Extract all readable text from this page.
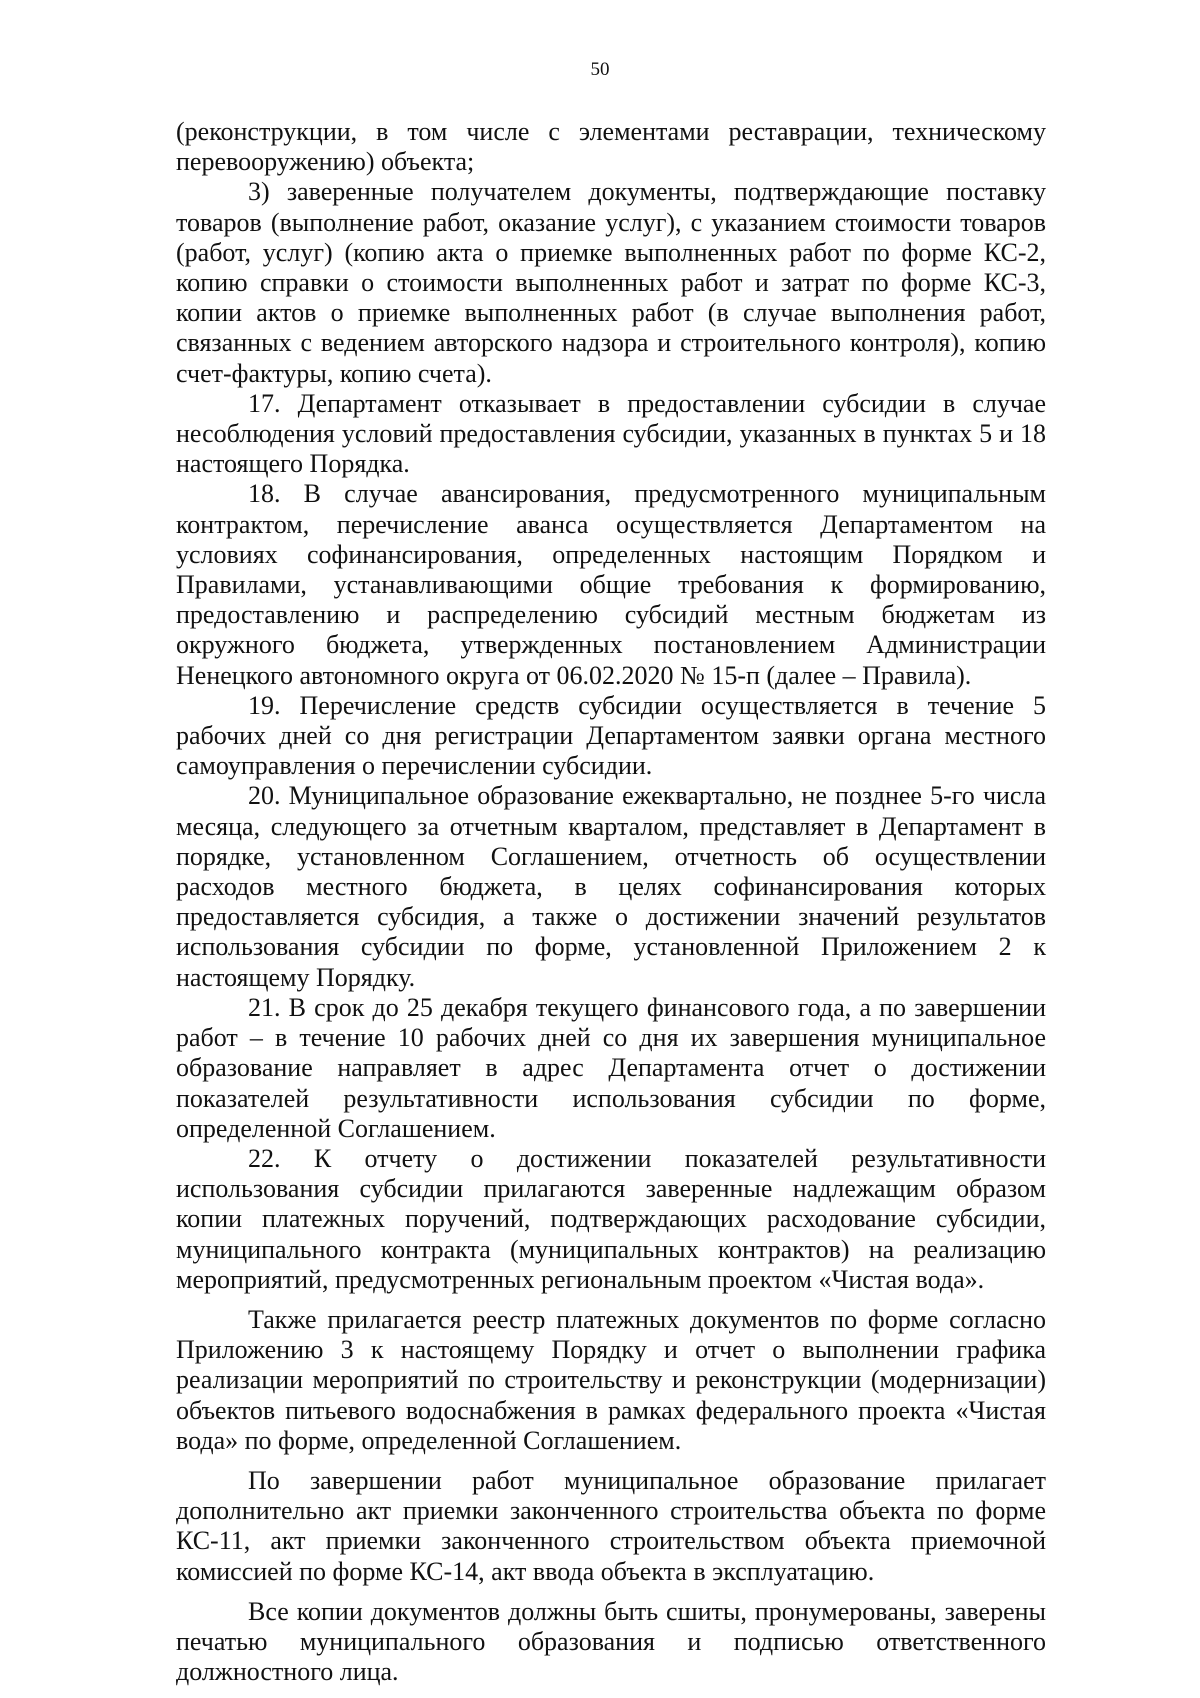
50

(реконструкции, в том числе с элементами реставрации, техническому перевооружению) объекта;

3) заверенные получателем документы, подтверждающие поставку товаров (выполнение работ, оказание услуг), с указанием стоимости товаров (работ, услуг) (копию акта о приемке выполненных работ по форме КС-2, копию справки о стоимости выполненных работ и затрат по форме КС-3, копии актов о приемке выполненных работ (в случае выполнения работ, связанных с ведением авторского надзора и строительного контроля), копию счет-фактуры, копию счета).

17. Департамент отказывает в предоставлении субсидии в случае несоблюдения условий предоставления субсидии, указанных в пунктах 5 и 18 настоящего Порядка.

18. В случае авансирования, предусмотренного муниципальным контрактом, перечисление аванса осуществляется Департаментом на условиях софинансирования, определенных настоящим Порядком и Правилами, устанавливающими общие требования к формированию, предоставлению и распределению субсидий местным бюджетам из окружного бюджета, утвержденных постановлением Администрации Ненецкого автономного округа от 06.02.2020 № 15-п (далее – Правила).

19. Перечисление средств субсидии осуществляется в течение 5 рабочих дней со дня регистрации Департаментом заявки органа местного самоуправления о перечислении субсидии.

20. Муниципальное образование ежеквартально, не позднее 5-го числа месяца, следующего за отчетным кварталом, представляет в Департамент в порядке, установленном Соглашением, отчетность об осуществлении расходов местного бюджета, в целях софинансирования которых предоставляется субсидия, а также о достижении значений результатов использования субсидии по форме, установленной Приложением 2 к настоящему Порядку.

21. В срок до 25 декабря текущего финансового года, а по завершении работ – в течение 10 рабочих дней со дня их завершения муниципальное образование направляет в адрес Департамента отчет о достижении показателей результативности использования субсидии по форме, определенной Соглашением.

22. К отчету о достижении показателей результативности использования субсидии прилагаются заверенные надлежащим образом копии платежных поручений, подтверждающих расходование субсидии, муниципального контракта (муниципальных контрактов) на реализацию мероприятий, предусмотренных региональным проектом «Чистая вода».

Также прилагается реестр платежных документов по форме согласно Приложению 3 к настоящему Порядку и отчет о выполнении графика реализации мероприятий по строительству и реконструкции (модернизации) объектов питьевого водоснабжения в рамках федерального проекта «Чистая вода» по форме, определенной Соглашением.

По завершении работ муниципальное образование прилагает дополнительно акт приемки законченного строительства объекта по форме КС-11, акт приемки законченного строительством объекта приемочной комиссией по форме КС-14, акт ввода объекта в эксплуатацию.

Все копии документов должны быть сшиты, пронумерованы, заверены печатью муниципального образования и подписью ответственного должностного лица.
